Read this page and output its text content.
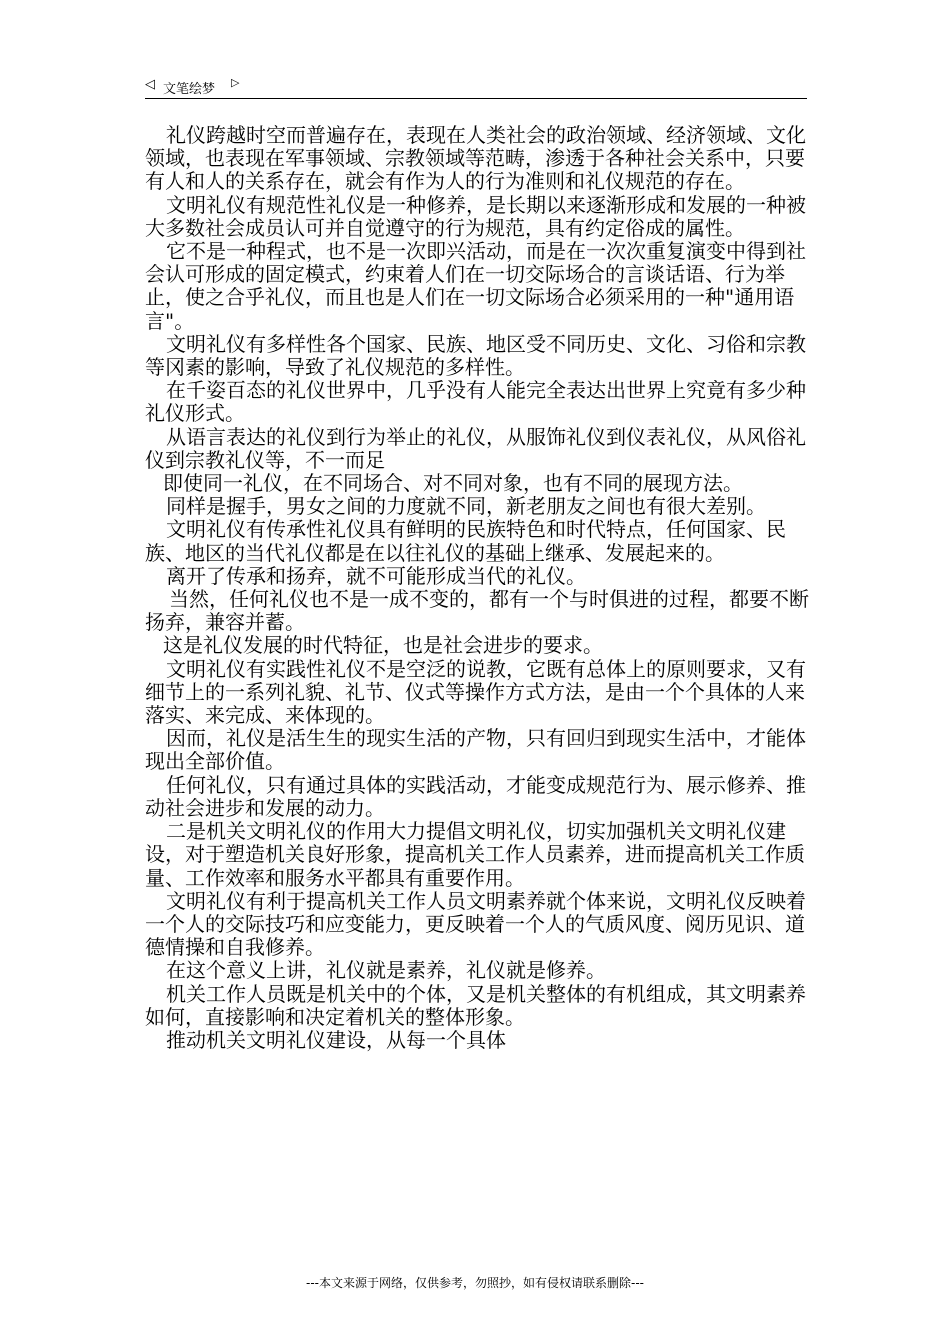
◁ 文笔绘梦 ▷

礼仪跨越时空而普遍存在，表现在人类社会的政治领域、经济领域、文化领域，也表现在军事领域、宗教领域等范畴，渗透于各种社会关系中，只要有人和人的关系存在，就会有作为人的行为准则和礼仪规范的存在。

文明礼仪有规范性礼仪是一种修养，是长期以来逐渐形成和发展的一种被大多数社会成员认可并自觉遵守的行为规范，具有约定俗成的属性。

它不是一种程式，也不是一次即兴活动，而是在一次次重复演变中得到社会认可形成的固定模式，约束着人们在一切交际场合的言谈话语、行为举止，使之合乎礼仪，而且也是人们在一切文际场合必须采用的一种"通用语言"。

文明礼仪有多样性各个国家、民族、地区受不同历史、文化、习俗和宗教等冈素的影响，导致了礼仪规范的多样性。

在千姿百态的礼仪世界中，几乎没有人能完全表达出世界上究竟有多少种礼仪形式。

从语言表达的礼仪到行为举止的礼仪，从服饰礼仪到仪表礼仪，从风俗礼仪到宗教礼仪等，不一而足

即使同一礼仪，在不同场合、对不同对象，也有不同的展现方法。

同样是握手，男女之间的力度就不同，新老朋友之间也有很大差别。

文明礼仪有传承性礼仪具有鲜明的民族特色和时代特点，任何国家、民族、地区的当代礼仪都是在以往礼仪的基础上继承、发展起来的。

离开了传承和扬弃，就不可能形成当代的礼仪。

当然，任何礼仪也不是一成不变的，都有一个与时俱进的过程，都要不断扬弃，兼容并蓄。

这是礼仪发展的时代特征，也是社会进步的要求。

文明礼仪有实践性礼仪不是空泛的说教，它既有总体上的原则要求，又有细节上的一系列礼貌、礼节、仪式等操作方式方法，是由一个个具体的人来落实、来完成、来体现的。

因而，礼仪是活生生的现实生活的产物，只有回归到现实生活中，才能体现出全部价值。

任何礼仪，只有通过具体的实践活动，才能变成规范行为、展示修养、推动社会进步和发展的动力。

二是机关文明礼仪的作用大力提倡文明礼仪，切实加强机关文明礼仪建设，对于塑造机关良好形象，提高机关工作人员素养，进而提高机关工作质量、工作效率和服务水平都具有重要作用。

文明礼仪有利于提高机关工作人员文明素养就个体来说，文明礼仪反映着一个人的交际技巧和应变能力，更反映着一个人的气质风度、阅历见识、道德情操和自我修养。

在这个意义上讲，礼仪就是素养，礼仪就是修养。

机关工作人员既是机关中的个体，又是机关整体的有机组成，其文明素养如何，直接影响和决定着机关的整体形象。

推动机关文明礼仪建设，从每一个具体

---本文来源于网络，仅供参考，勿照抄，如有侵权请联系删除---
